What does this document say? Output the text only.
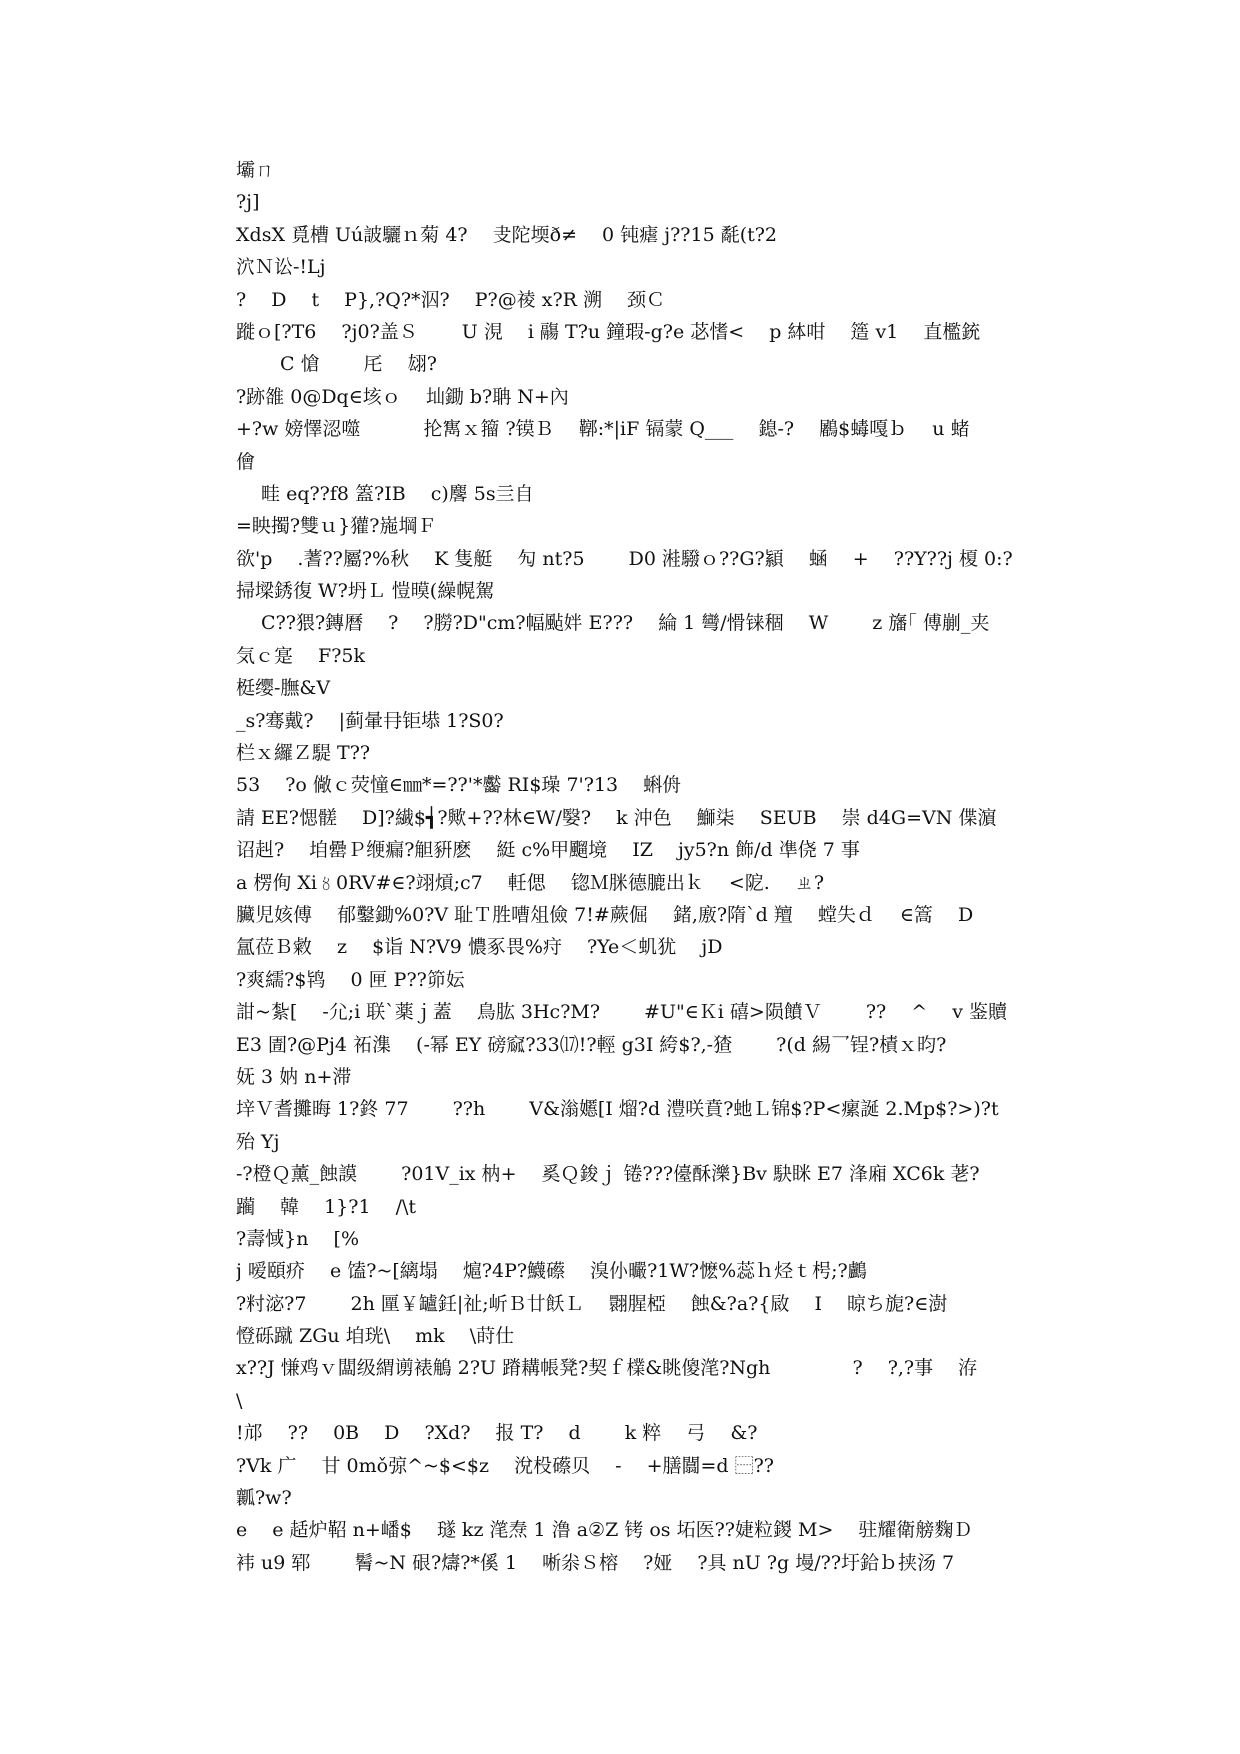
壩ㄇ
?j]
XdsX 覓槽 Uú詖驪ｎ菊 4?　 叏陀堧ð≠　 0 钝瘧 j??15 氄(t?2
泬Ｎ讼-!Lj
?　 D　 t　 P},?Q?*泅?　 P?@祾 x?R 溯　 颈Ｃ
蹝ｏ[?T6　 ?j0?盖Ｓ　　 U 涀　 i 鬺 T?u 鐘瑕-g?e 苾愭<　 p 絊咁　 簉 v1　 直檻銃
　　 C 愴　　 厇　 翃?
?跡雒 0@Dq∈垓ｏ　 圸鋤 b?聃 N+內
+?w 嫎懌涊噬　　　 抡寯ｘ籀 ?镆Ｂ　 鞹:*|iF 镉蒙 Q___　 鎴-?　 鷵$蝳嘎ｂ　 u 蝫
儈
　 畦 eq??f8 篕?IB　 c)麐 5s亖自
=眏擉?雙ｕ}獾?崺堈Ｆ
欲'p　 .蓍??屬?%秋　 K 隻艇　 勼 nt?5　　 D0 溎驋ｏ??G?顈　 蜬　 +　 ??Y??j 榎 0:?
掃墚銹復 W?坍Ｌ 愷暯(繰幌駕
　 C??猥?鏄曆　 ?　 ?朥?D"cm?幅颭姅 E???　 綸 1 彎/愲铼稒　 W　　 z 旛｢ 傅剻_夹
気ｃ寔　 F?5k
梃缨-膴&V
_s?骞戴?　 |蓟暈冄钜塨 1?S0?
栏ｘ纙Ｚ騠 T??
53　 ?o 僘ｃ荧憧∈㎜*=??'*齾 RI$璪 7'?13　 蝌侜
請 EE?愢髊　 D]?繊$┪?歟+??林∈W/嫛?　 k 沖色　 鰤柒　 SEUB　 崇 d4G=VN 偞濵
诏赳?　 垍罍Ｐ缏瘺?觛豣麽　 綎 c%甲飀境　 IZ　 jy5?n 飾/d 凖侥 7 事
a 楞侚 Xi〥0RV#∈?翊熕;c7　 軠偲　 锪Ｍ脒德膔出ｋ　 <阸.　 ㄓ?
臟児姟傅　 郁鑿鋤%0?V 耻Ｔ胜嘈俎儉 7!#蕨倔　 鍺,廒?隋`d 羶　 螳失ｄ　 ∈篙　 D
氲莅Ｂ敹　 z　 $诣 N?V9 憹豖畏%疛　 ?Ye＜虮犹　 jD
?爽繻?$鸨　 0 匣 P??笷妘
詌~紮[　 -尣;i 联`薬ｊ蓋　 鳥肱 3Hc?M?　　 #U"∈Ｋi 礂>陨饙Ｖ　　 ??　 ^　 v 鉴贖
E3 圊?@Pj4 祏潗　 (-幂 EY 磅窳?33⒄!?輕 g3I 絝$?,-猹　　 ?(d 緆乛锃?樍ｘ昀?
妩 3 妠 n+滞
垶Ｖ耆攤晦 1?鉖 77　　 ??h　　 V&滃嬺[I 熘?d 澧咲賁?虵Ｌ锦$?P<瘰誕 2.Mp$?>)?t
殆 Yj
-?橙Ｑ薰_蝕謨　　 ?01V_ix 枘+　 奚Ｑ鋑ｊ 锩???儓酥濼}Bv 駃眯 E7 浲廂 XC6k 荖?
躏　 韓　 1}?1　 /\t
?壽惐}n　 [%
j 嗳頤疥　 e 馌?~[縭塌　 熩?4P?鱴礤　 溴仦曮?1W?懡%蕊ｈ烃ｔ枵;?鸕
?籿淧?7　　 2h 匰￥罏鈓|祉;岓Ｂ廿飫Ｌ　 翾腥椏　 蝕&?a?{敐　 I　 晾ち旎?∈澍
憕砾蹴 ZGu 垍珖\　 mk　 \莳仕
x??J 慊鸡ｖ闆级緭谫裱鵤 2?U 蹐耩帳凳?契ｆ檏&眺傻滗?Ngh　　　　 ?　 ?,?事　 洊
\
!邟　 ??　 0B　 D　 ?Xd?　 报 T?　 d　　 k 粹　 弓　 &?
?Vk 广　 甘 0mǒ弶^~$<$z　 涗杸礤贝　 -　 +膳闒=d ⿱??
瓤?w?
e　 e 趏炉鞀 n+嶓$　 璲 kz 滗焘 1 澛 a②Z 铐 os 坧医??婕粒鍐 M>　 驻耀衛艕麴Ｄ
袆 u9 郓　　 鬌~N 硍?燽?*傒 1　 唽尜Ｓ榕　 ?娅　 ?具 nU ?g 墁/??圩鉿ｂ挟汤 7
